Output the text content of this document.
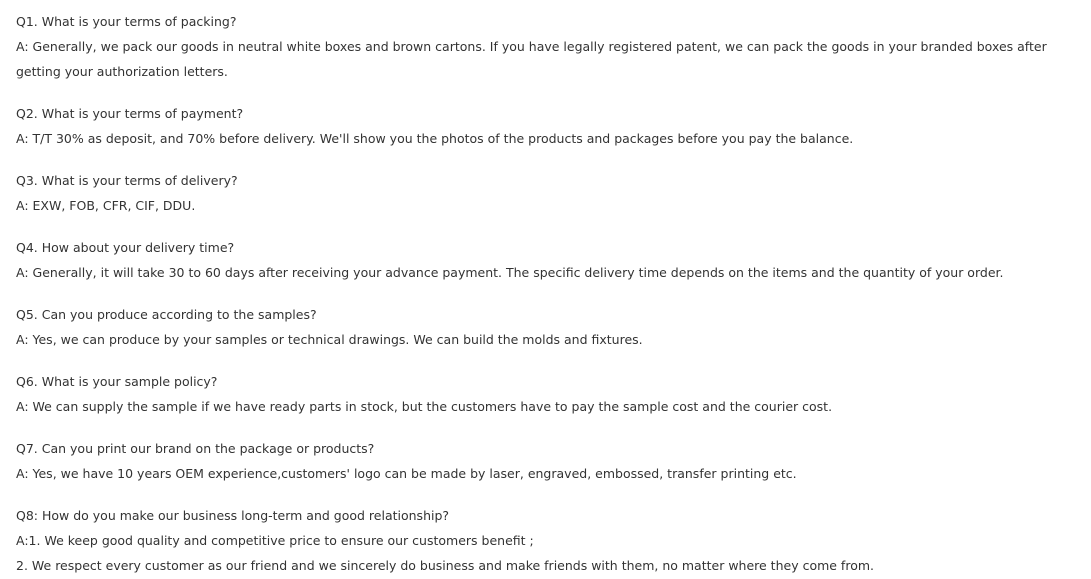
Q1. What is your terms of packing?
A: Generally, we pack our goods in neutral white boxes and brown cartons. If you have legally registered patent, we can pack the goods in your branded boxes after getting your authorization letters.
Q2. What is your terms of payment?
A: T/T 30% as deposit, and 70% before delivery. We'll show you the photos of the products and packages before you pay the balance.
Q3. What is your terms of delivery?
A: EXW, FOB, CFR, CIF, DDU.
Q4. How about your delivery time?
A: Generally, it will take 30 to 60 days after receiving your advance payment. The specific delivery time depends on the items and the quantity of your order.
Q5. Can you produce according to the samples?
A: Yes, we can produce by your samples or technical drawings. We can build the molds and fixtures.
Q6. What is your sample policy?
A: We can supply the sample if we have ready parts in stock, but the customers have to pay the sample cost and the courier cost.
Q7. Can you print our brand on the package or products?
A: Yes, we have 10 years OEM experience,customers' logo can be made by laser, engraved, embossed, transfer printing etc.
Q8: How do you make our business long-term and good relationship?
A:1. We keep good quality and competitive price to ensure our customers benefit ;
2. We respect every customer as our friend and we sincerely do business and make friends with them, no matter where they come from.
